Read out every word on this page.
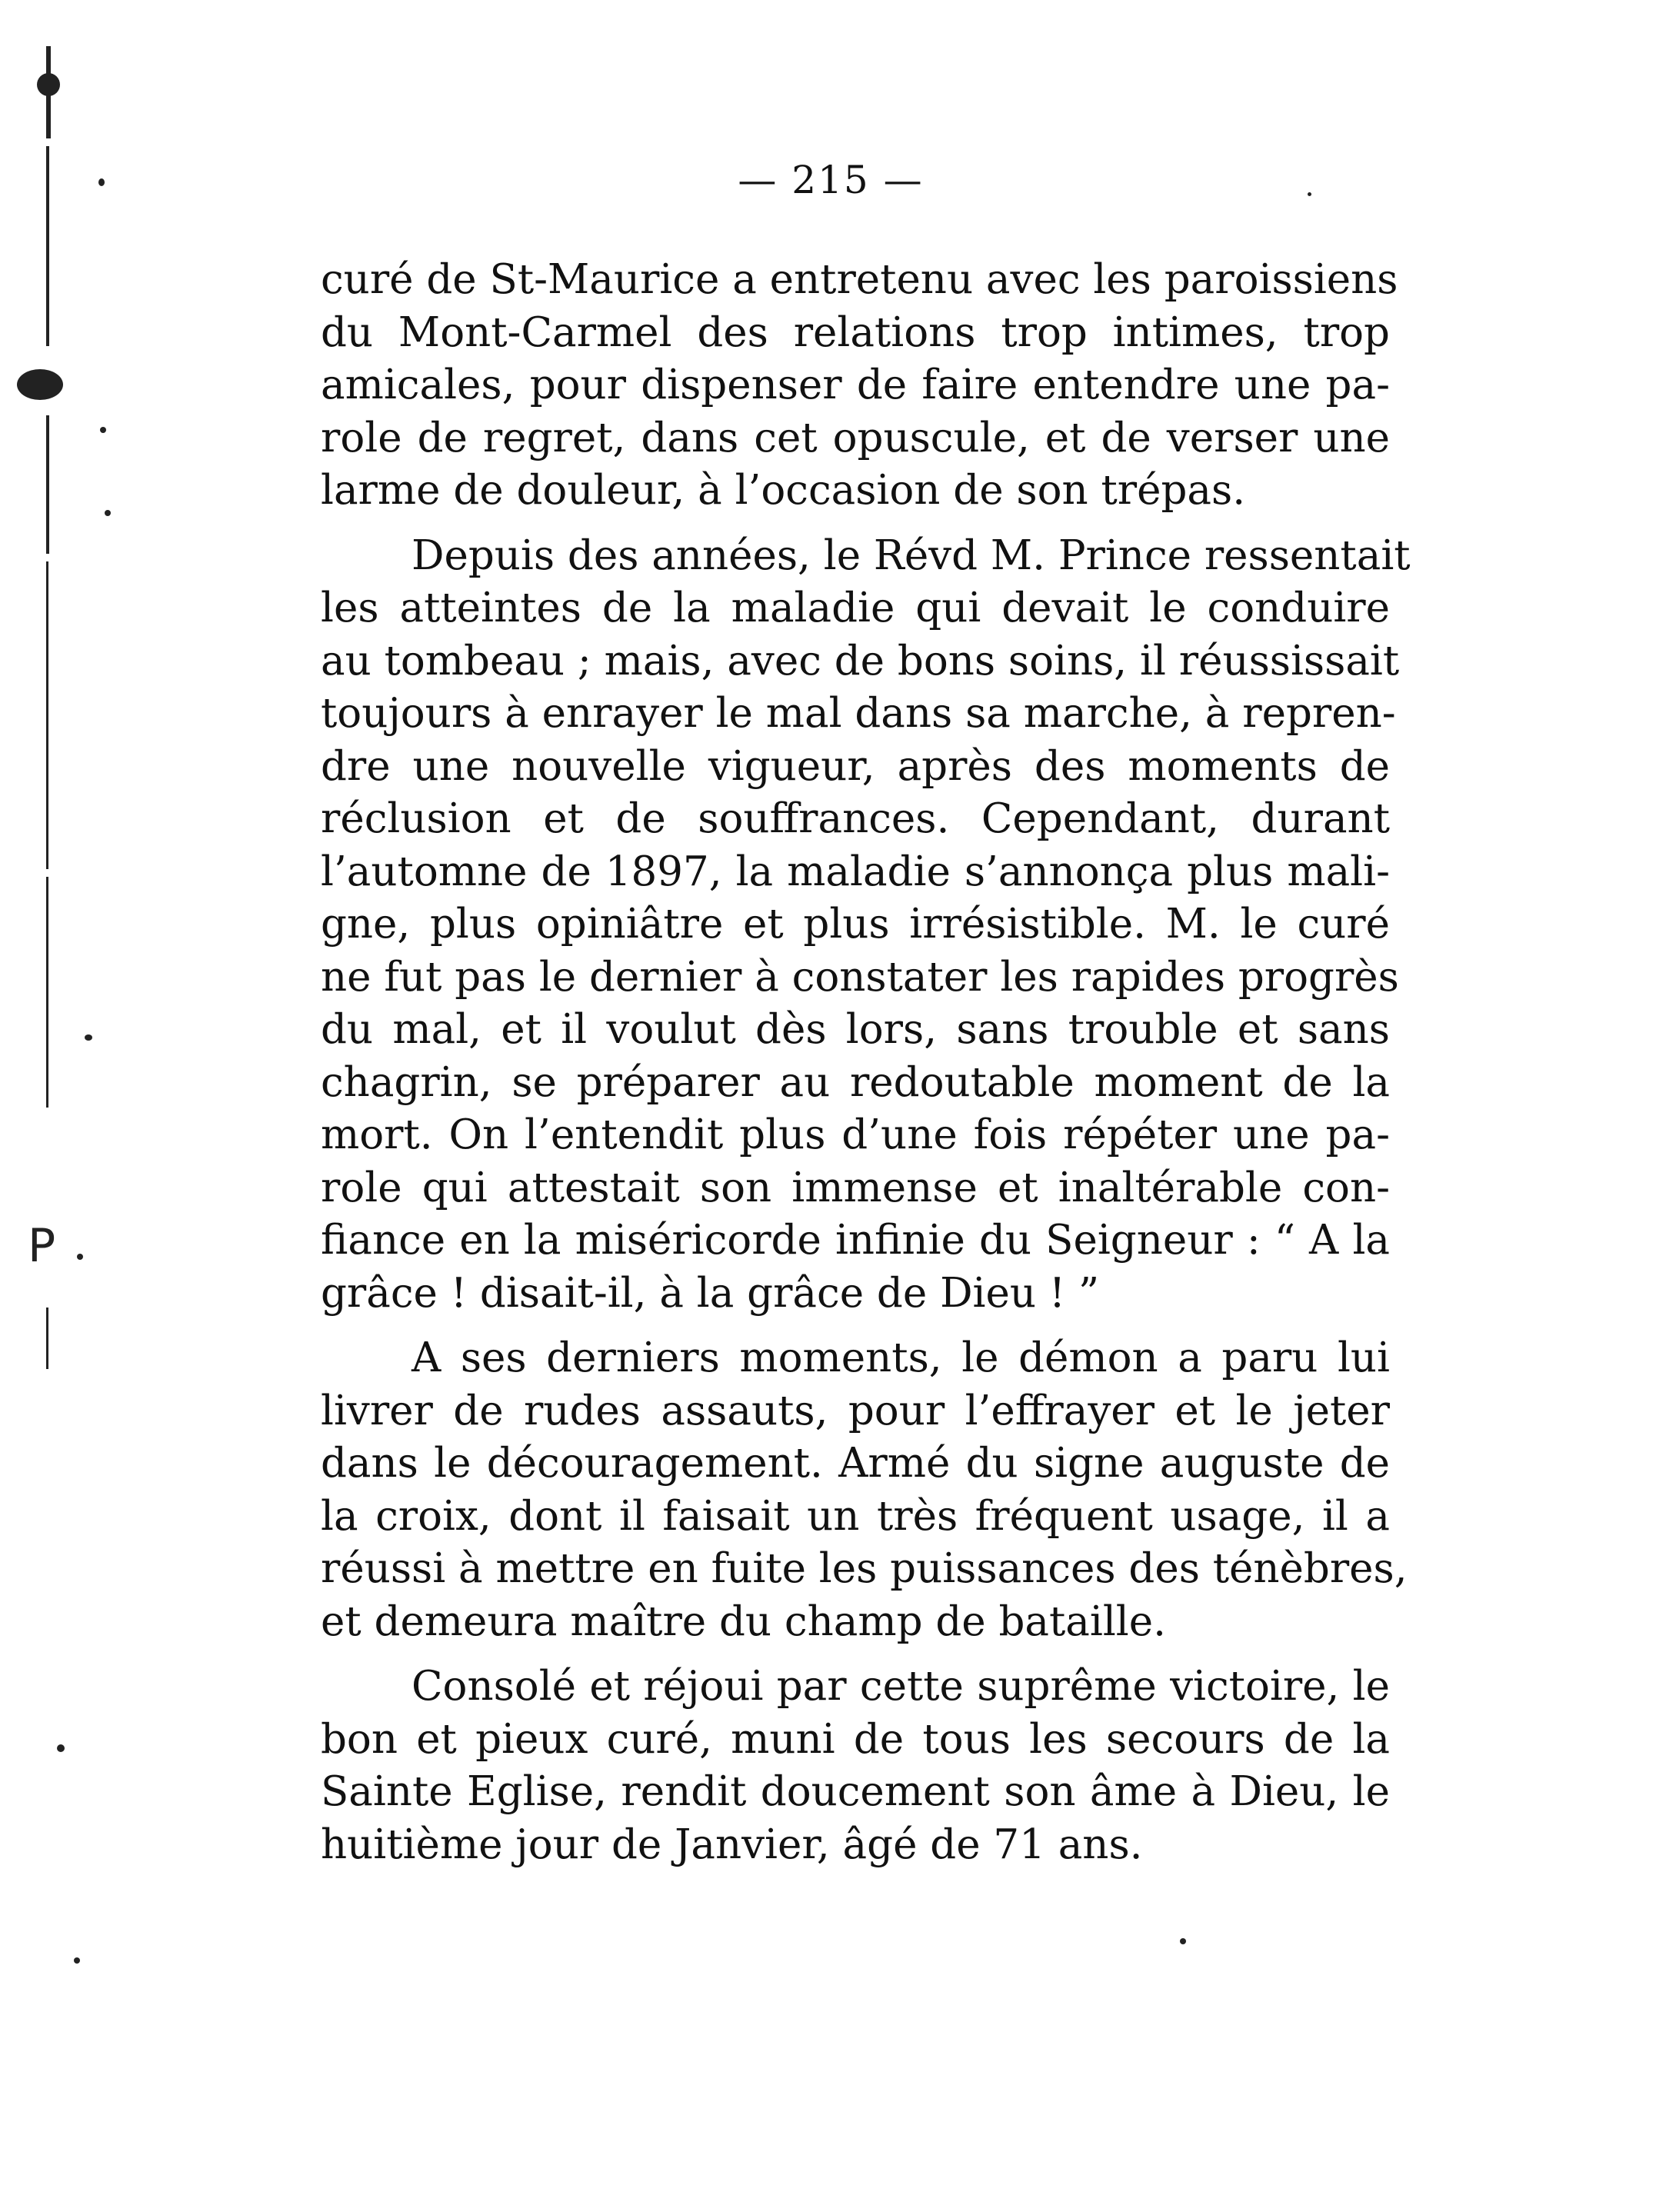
P
— 215 —

curé de St-Maurice a entretenu avec les paroissiens
du Mont-Carmel des relations trop intimes, trop
amicales, pour dispenser de faire entendre une pa-
role de regret, dans cet opuscule, et de verser une
larme de douleur, à l’occasion de son trépas.

Depuis des années, le Révd M. Prince ressentait
les atteintes de la maladie qui devait le conduire
au tombeau ; mais, avec de bons soins, il réussissait
toujours à enrayer le mal dans sa marche, à repren-
dre une nouvelle vigueur, après des moments de
réclusion et de souffrances. Cependant, durant
l’automne de 1897, la maladie s’annonça plus mali-
gne, plus opiniâtre et plus irrésistible. M. le curé
ne fut pas le dernier à constater les rapides progrès
du mal, et il voulut dès lors, sans trouble et sans
chagrin, se préparer au redoutable moment de la
mort. On l’entendit plus d’une fois répéter une pa-
role qui attestait son immense et inaltérable con-
fiance en la miséricorde infinie du Seigneur : “ A la
grâce ! disait-il, à la grâce de Dieu ! ”

A ses derniers moments, le démon a paru lui
livrer de rudes assauts, pour l’effrayer et le jeter
dans le découragement. Armé du signe auguste de
la croix, dont il faisait un très fréquent usage, il a
réussi à mettre en fuite les puissances des ténèbres,
et demeura maître du champ de bataille.

Consolé et réjoui par cette suprême victoire, le
bon et pieux curé, muni de tous les secours de la
Sainte Eglise, rendit doucement son âme à Dieu, le
huitième jour de Janvier, âgé de 71 ans.
